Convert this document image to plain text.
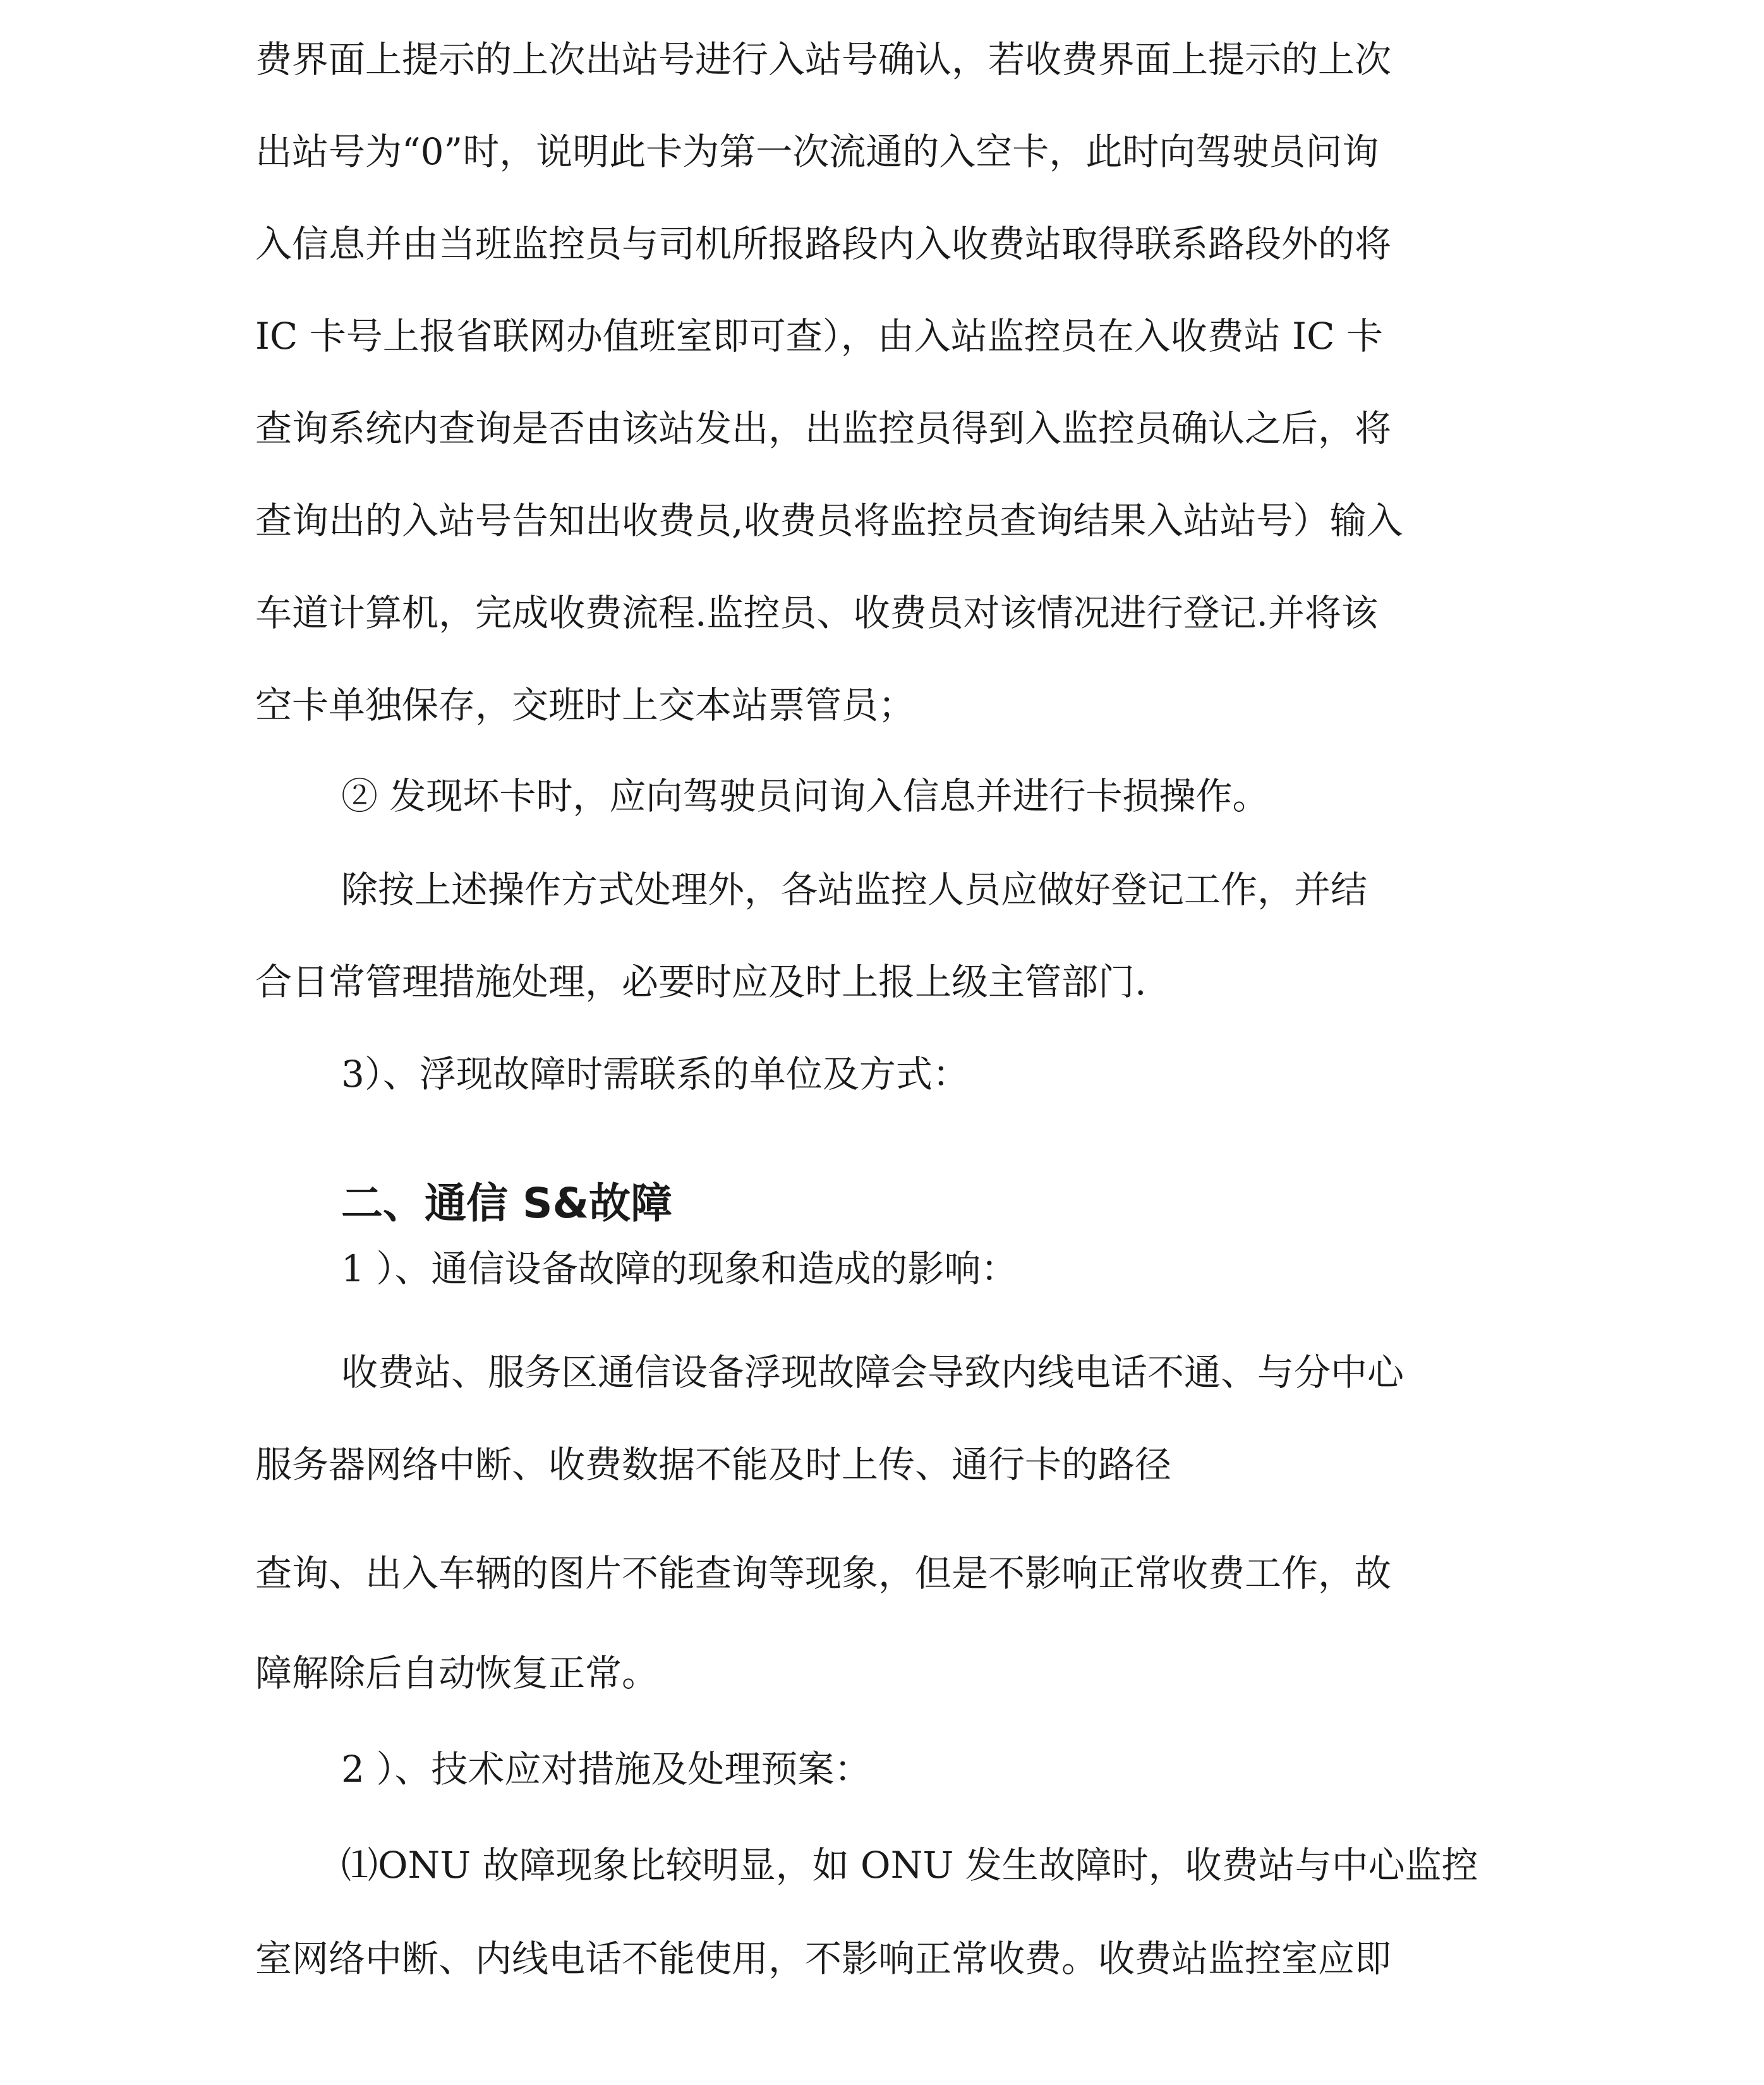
费界面上提示的上次出站号进行入站号确认，若收费界面上提示的上次
出站号为“0”时，说明此卡为第一次流通的入空卡，此时向驾驶员问询
入信息并由当班监控员与司机所报路段内入收费站取得联系路段外的将
IC 卡号上报省联网办值班室即可查），由入站监控员在入收费站 IC 卡
查询系统内查询是否由该站发出，出监控员得到入监控员确认之后，将
查询出的入站号告知出收费员,收费员将监控员查询结果入站站号）输入
车道计算机，完成收费流程.监控员、收费员对该情况进行登记.并将该
空卡单独保存，交班时上交本站票管员；
② 发现坏卡时，应向驾驶员问询入信息并进行卡损操作。
除按上述操作方式处理外，各站监控人员应做好登记工作，并结
合日常管理措施处理，必要时应及时上报上级主管部门.
3）、浮现故障时需联系的单位及方式：
二、通信 S&故障
1 ）、通信设备故障的现象和造成的影响：
收费站、服务区通信设备浮现故障会导致内线电话不通、与分中心
服务器网络中断、收费数据不能及时上传、通行卡的路径
查询、出入车辆的图片不能查询等现象，但是不影响正常收费工作，故
障解除后自动恢复正常。
2 ）、技术应对措施及处理预案：
⑴ONU 故障现象比较明显，如 ONU 发生故障时，收费站与中心监控
室网络中断、内线电话不能使用，不影响正常收费。收费站监控室应即
